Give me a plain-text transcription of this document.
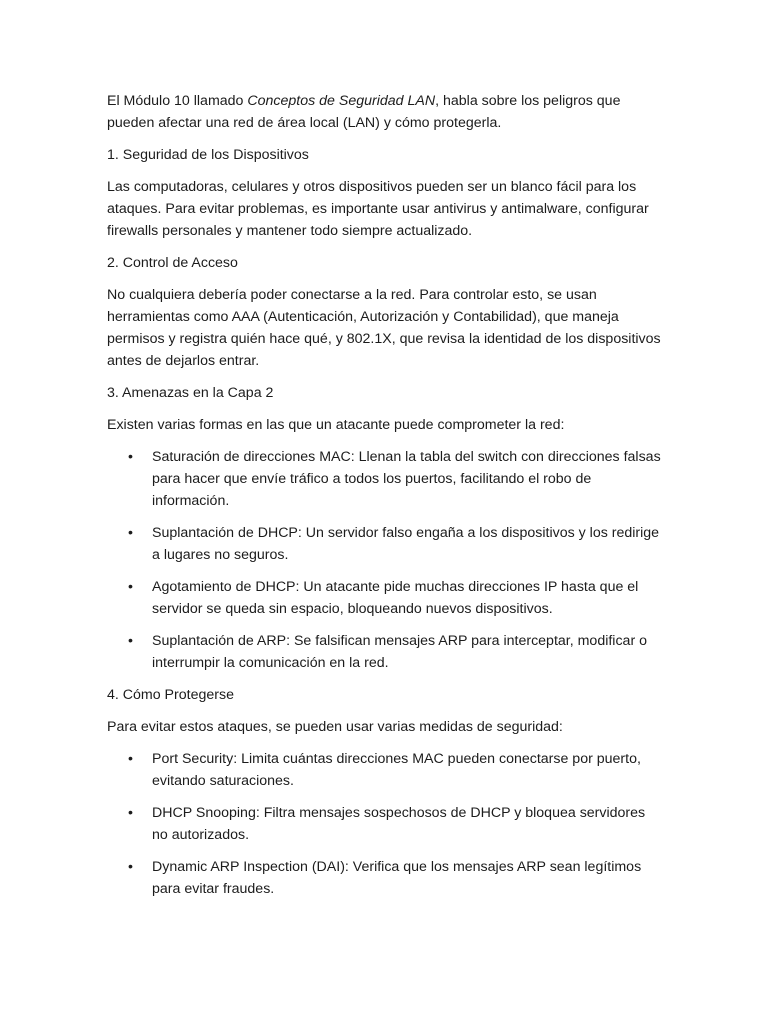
El Módulo 10 llamado Conceptos de Seguridad LAN, habla sobre los peligros que pueden afectar una red de área local (LAN) y cómo protegerla.

1. Seguridad de los Dispositivos

Las computadoras, celulares y otros dispositivos pueden ser un blanco fácil para los ataques. Para evitar problemas, es importante usar antivirus y antimalware, configurar firewalls personales y mantener todo siempre actualizado.

2. Control de Acceso

No cualquiera debería poder conectarse a la red. Para controlar esto, se usan herramientas como AAA (Autenticación, Autorización y Contabilidad), que maneja permisos y registra quién hace qué, y 802.1X, que revisa la identidad de los dispositivos antes de dejarlos entrar.

3. Amenazas en la Capa 2

Existen varias formas en las que un atacante puede comprometer la red:

• Saturación de direcciones MAC: Llenan la tabla del switch con direcciones falsas para hacer que envíe tráfico a todos los puertos, facilitando el robo de información.
• Suplantación de DHCP: Un servidor falso engaña a los dispositivos y los redirige a lugares no seguros.
• Agotamiento de DHCP: Un atacante pide muchas direcciones IP hasta que el servidor se queda sin espacio, bloqueando nuevos dispositivos.
• Suplantación de ARP: Se falsifican mensajes ARP para interceptar, modificar o interrumpir la comunicación en la red.

4. Cómo Protegerse

Para evitar estos ataques, se pueden usar varias medidas de seguridad:

• Port Security: Limita cuántas direcciones MAC pueden conectarse por puerto, evitando saturaciones.
• DHCP Snooping: Filtra mensajes sospechosos de DHCP y bloquea servidores no autorizados.
• Dynamic ARP Inspection (DAI): Verifica que los mensajes ARP sean legítimos para evitar fraudes.
